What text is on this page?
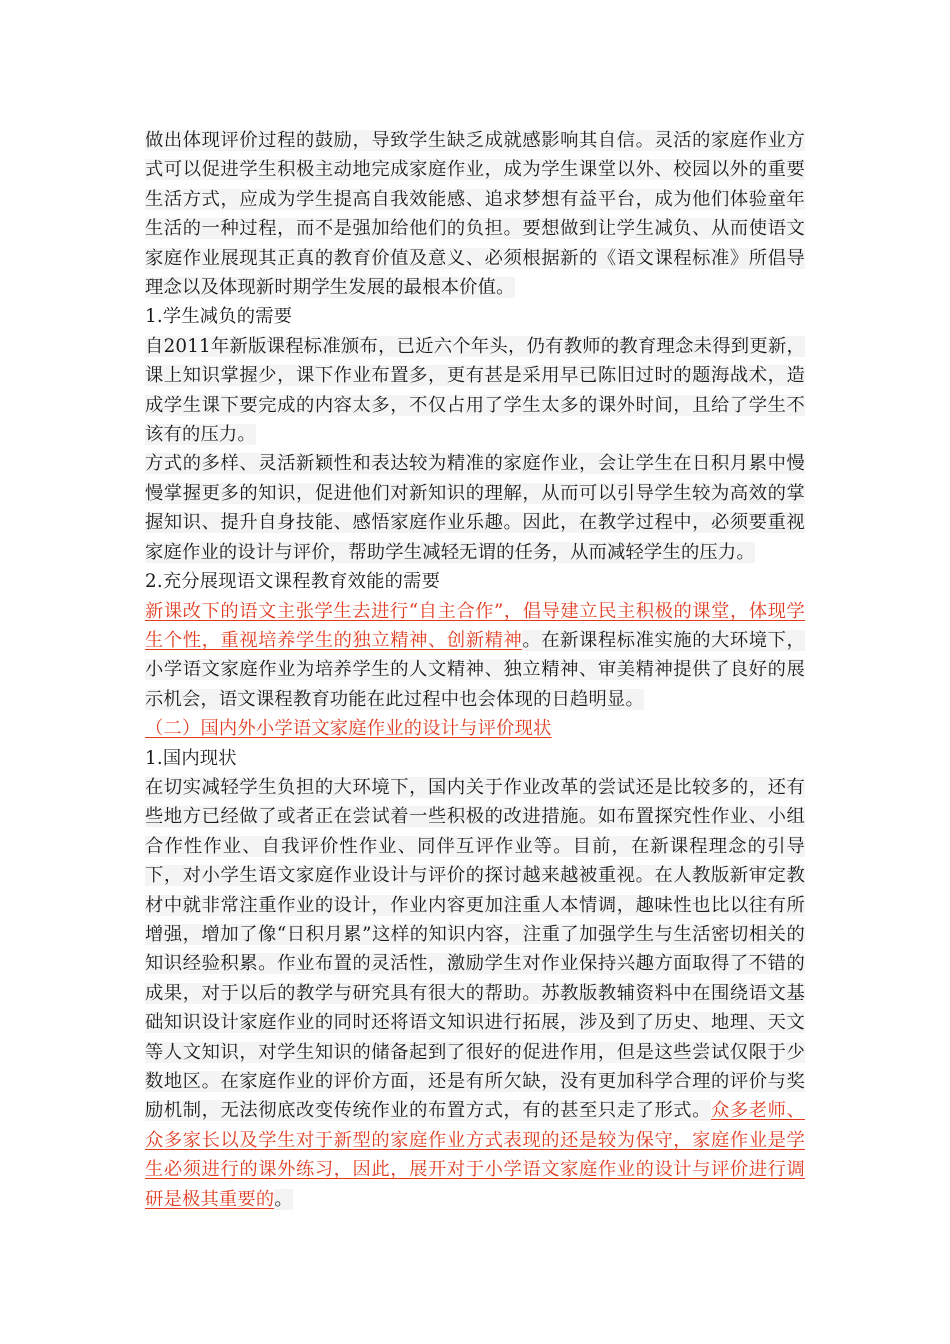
做出体现评价过程的鼓励，导致学生缺乏成就感影响其自信。灵活的家庭作业方式可以促进学生积极主动地完成家庭作业，成为学生课堂以外、校园以外的重要生活方式，应成为学生提高自我效能感、追求梦想有益平台，成为他们体验童年生活的一种过程，而不是强加给他们的负担。要想做到让学生减负、从而使语文家庭作业展现其正真的教育价值及意义、必须根据新的《语文课程标准》所倡导理念以及体现新时期学生发展的最根本价值。

1.学生减负的需要

自2011年新版课程标准颁布，已近六个年头，仍有教师的教育理念未得到更新，课上知识掌握少，课下作业布置多，更有甚是采用早已陈旧过时的题海战术，造成学生课下要完成的内容太多，不仅占用了学生太多的课外时间，且给了学生不该有的压力。

方式的多样、灵活新颖性和表达较为精准的家庭作业，会让学生在日积月累中慢慢掌握更多的知识，促进他们对新知识的理解，从而可以引导学生较为高效的掌握知识、提升自身技能、感悟家庭作业乐趣。因此，在教学过程中，必须要重视家庭作业的设计与评价，帮助学生减轻无谓的任务，从而减轻学生的压力。

2.充分展现语文课程教育效能的需要

新课改下的语文主张学生去进行“自主合作”，倡导建立民主积极的课堂，体现学生个性，重视培养学生的独立精神、创新精神。在新课程标准实施的大环境下，小学语文家庭作业为培养学生的人文精神、独立精神、审美精神提供了良好的展示机会，语文课程教育功能在此过程中也会体现的日趋明显。

（二）国内外小学语文家庭作业的设计与评价现状

1.国内现状

在切实减轻学生负担的大环境下，国内关于作业改革的尝试还是比较多的，还有些地方已经做了或者正在尝试着一些积极的改进措施。如布置探究性作业、小组合作性作业、自我评价性作业、同伴互评作业等。目前，在新课程理念的引导下，对小学生语文家庭作业设计与评价的探讨越来越被重视。在人教版新审定教材中就非常注重作业的设计，作业内容更加注重人本情调，趣味性也比以往有所增强，增加了像“日积月累”这样的知识内容，注重了加强学生与生活密切相关的知识经验积累。作业布置的灵活性，激励学生对作业保持兴趣方面取得了不错的成果，对于以后的教学与研究具有很大的帮助。苏教版教辅资料中在围绕语文基础知识设计家庭作业的同时还将语文知识进行拓展，涉及到了历史、地理、天文等人文知识，对学生知识的储备起到了很好的促进作用，但是这些尝试仅限于少数地区。在家庭作业的评价方面，还是有所欠缺，没有更加科学合理的评价与奖励机制，无法彻底改变传统作业的布置方式，有的甚至只走了形式。众多老师、众多家长以及学生对于新型的家庭作业方式表现的还是较为保守，家庭作业是学生必须进行的课外练习，因此，展开对于小学语文家庭作业的设计与评价进行调研是极其重要的。
